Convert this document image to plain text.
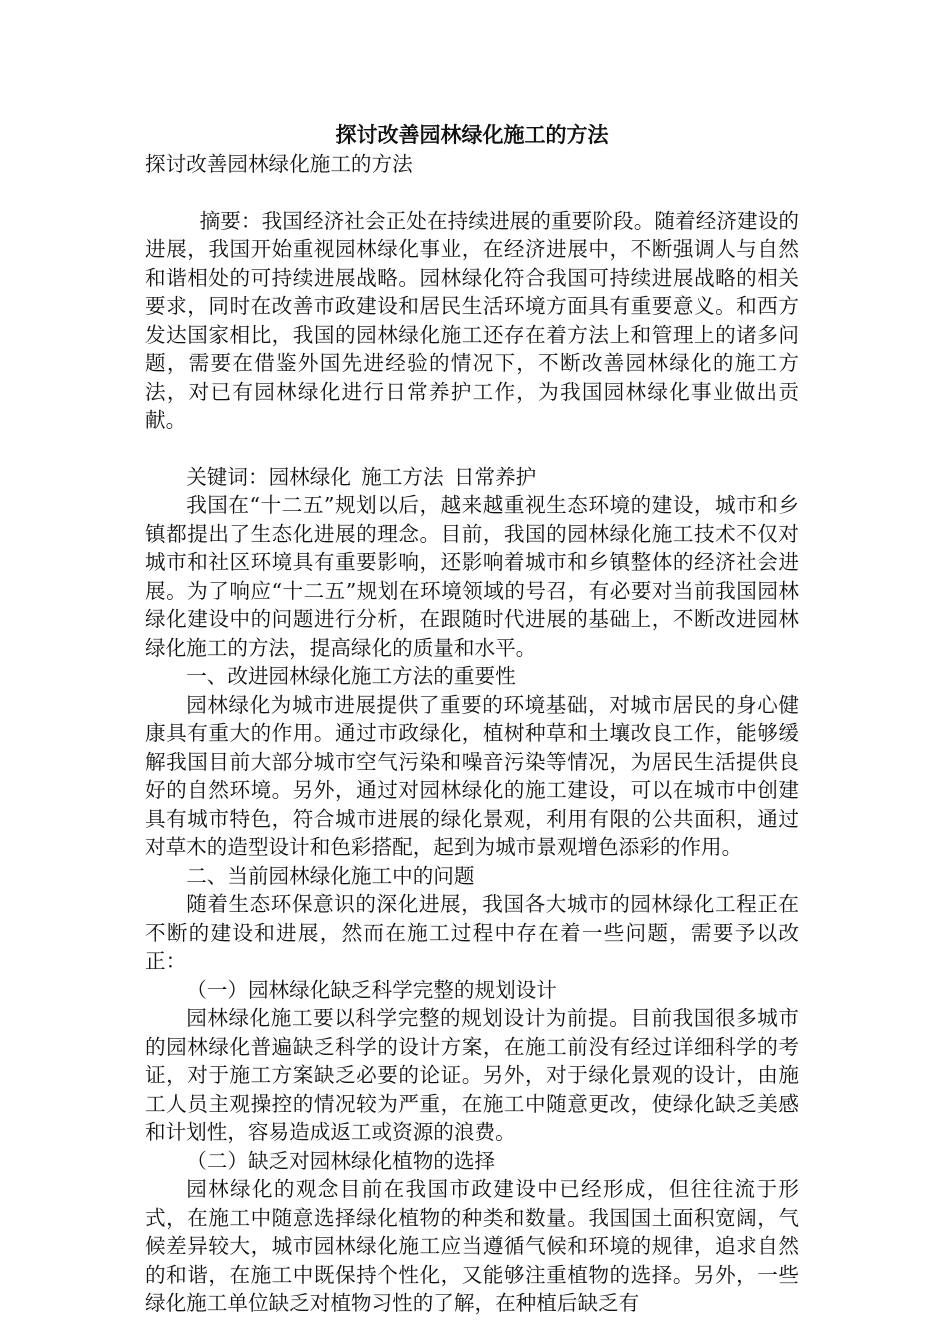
探讨改善园林绿化施工的方法

探讨改善园林绿化施工的方法

摘要：我国经济社会正处在持续进展的重要阶段。随着经济建设的进展，我国开始重视园林绿化事业，在经济进展中，不断强调人与自然和谐相处的可持续进展战略。园林绿化符合我国可持续进展战略的相关要求，同时在改善市政建设和居民生活环境方面具有重要意义。和西方发达国家相比，我国的园林绿化施工还存在着方法上和管理上的诸多问题，需要在借鉴外国先进经验的情况下，不断改善园林绿化的施工方法，对已有园林绿化进行日常养护工作，为我国园林绿化事业做出贡献。

关键词：园林绿化 施工方法 日常养护

我国在“十二五”规划以后，越来越重视生态环境的建设，城市和乡镇都提出了生态化进展的理念。目前，我国的园林绿化施工技术不仅对城市和社区环境具有重要影响，还影响着城市和乡镇整体的经济社会进展。为了响应“十二五”规划在环境领域的号召，有必要对当前我国园林绿化建设中的问题进行分析，在跟随时代进展的基础上，不断改进园林绿化施工的方法，提高绿化的质量和水平。

一、改进园林绿化施工方法的重要性

园林绿化为城市进展提供了重要的环境基础，对城市居民的身心健康具有重大的作用。通过市政绿化，植树种草和土壤改良工作，能够缓解我国目前大部分城市空气污染和噪音污染等情况，为居民生活提供良好的自然环境。另外，通过对园林绿化的施工建设，可以在城市中创建具有城市特色，符合城市进展的绿化景观，利用有限的公共面积，通过对草木的造型设计和色彩搭配，起到为城市景观增色添彩的作用。

二、当前园林绿化施工中的问题

随着生态环保意识的深化进展，我国各大城市的园林绿化工程正在不断的建设和进展，然而在施工过程中存在着一些问题，需要予以改正：

（一）园林绿化缺乏科学完整的规划设计

园林绿化施工要以科学完整的规划设计为前提。目前我国很多城市的园林绿化普遍缺乏科学的设计方案，在施工前没有经过详细科学的考证，对于施工方案缺乏必要的论证。另外，对于绿化景观的设计，由施工人员主观操控的情况较为严重，在施工中随意更改，使绿化缺乏美感和计划性，容易造成返工或资源的浪费。

（二）缺乏对园林绿化植物的选择

园林绿化的观念目前在我国市政建设中已经形成，但往往流于形式，在施工中随意选择绿化植物的种类和数量。我国国土面积宽阔，气候差异较大，城市园林绿化施工应当遵循气候和环境的规律，追求自然的和谐，在施工中既保持个性化，又能够注重植物的选择。另外，一些绿化施工单位缺乏对植物习性的了解，在种植后缺乏有
